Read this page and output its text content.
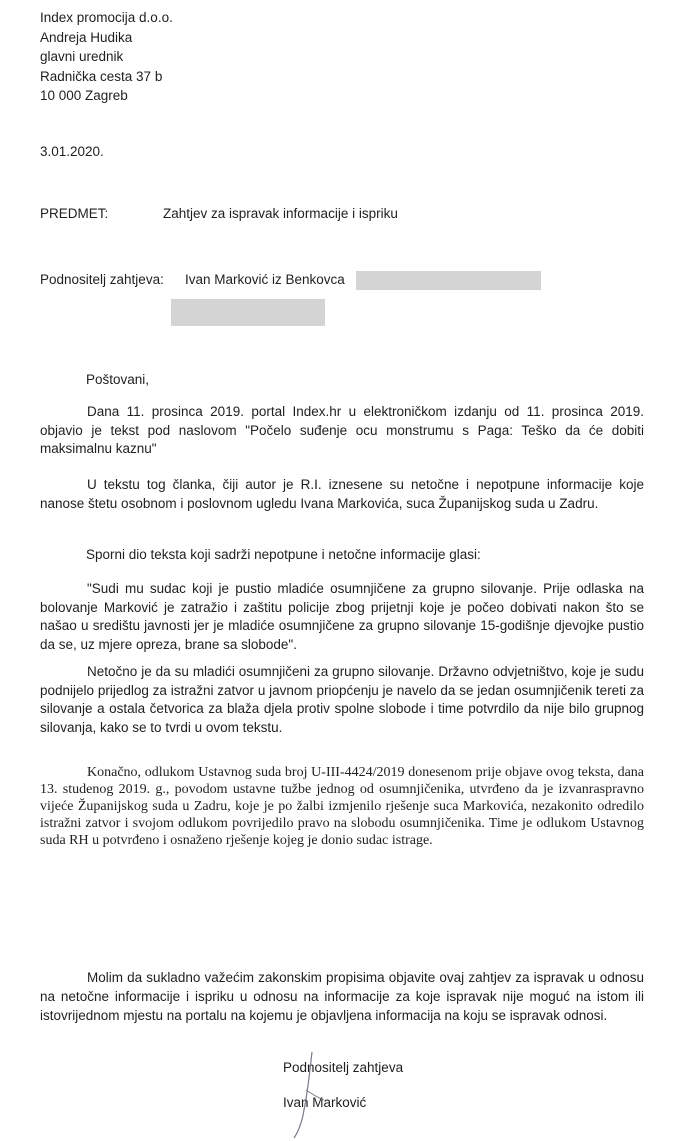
Index promocija d.o.o.
Andreja Hudika
glavni urednik
Radnička cesta 37 b
10 000 Zagreb
3.01.2020.
PREDMET:	Zahtjev za ispravak informacije i ispriku
Podnositelj zahtjeva: Ivan Marković iz Benkovca
Poštovani,
Dana 11. prosinca 2019. portal Index.hr u elektroničkom izdanju od 11. prosinca 2019. objavio je tekst pod naslovom "Počelo suđenje ocu monstrumu s Paga: Teško da će dobiti maksimalnu kaznu"
U tekstu tog članka, čiji autor je R.I. iznesene su netočne i nepotpune informacije koje nanose štetu osobnom i poslovnom ugledu Ivana Markovića, suca Županijskog suda u Zadru.
Sporni dio teksta koji sadrži nepotpune i netočne informacije glasi:
"Sudi mu sudac koji je pustio mladiće osumnjičene za grupno silovanje. Prije odlaska na bolovanje Marković je zatražio i zaštitu policije zbog prijetnji koje je počeo dobivati nakon što se našao u središtu javnosti jer je mladiće osumnjičene za grupno silovanje 15-godišnje djevojke pustio da se, uz mjere opreza, brane sa slobode".
Netočno je da su mladići osumnjičeni za grupno silovanje. Državno odvjetništvo, koje je sudu podnijelo prijedlog za istražni zatvor u javnom priopćenju je navelo da se jedan osumnjičenik tereti za silovanje a ostala četvorica za blaža djela protiv spolne slobode i time potvrdilo da nije bilo grupnog silovanja, kako se to tvrdi u ovom tekstu.
Konačno, odlukom Ustavnog suda broj U-III-4424/2019 donesenom prije objave ovog teksta, dana 13. studenog 2019. g., povodom ustavne tužbe jednog od osumnjičenika, utvrđeno da je izvanraspravno vijeće Županijskog suda u Zadru, koje je po žalbi izmjenilo rješenje suca Markovića, nezakonito odredilo istražni zatvor i svojom odlukom povrijedilo pravo na slobodu osumnjičenika. Time je odlukom Ustavnog suda RH u potvrđeno i osnaženo rješenje kojeg je donio sudac istrage.
Molim da sukladno važećim zakonskim propisima objavite ovaj zahtjev za ispravak u odnosu na netočne informacije i ispriku u odnosu na informacije za koje ispravak nije moguć na istom ili istovrijednom mjestu na portalu na kojemu je objavljena informacija na koju se ispravak odnosi.
Podnositelj zahtjeva
Ivan Marković
